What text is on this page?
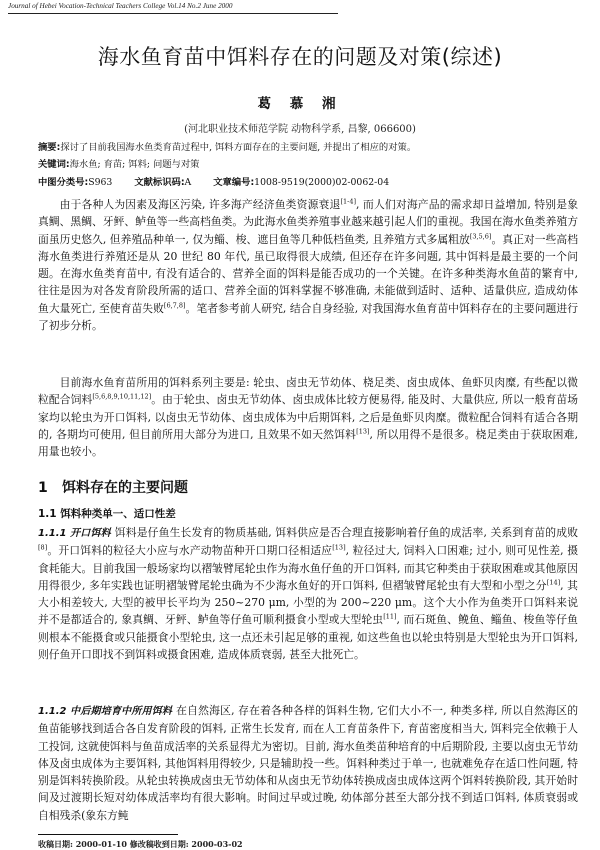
Journal of Hebei Vocation-Technical Teachers College Vol.14 No.2 June 2000
海水鱼育苗中饵料存在的问题及对策(综述)
葛 慕 湘
(河北职业技术师范学院 动物科学系, 昌黎, 066600)
摘要:探讨了目前我国海水鱼类育苗过程中, 饵料方面存在的主要问题, 并提出了相应的对策。
关键词:海水鱼; 育苗; 饵料; 问题与对策
中图分类号:S963 文献标识码:A 文章编号:1008-9519(2000)02-0062-04

由于各种人为因素及海区污染, 许多海产经济鱼类资源衰退[1-4], 而人们对海产品的需求却日益增加, 特别是象真鲷、黑鲷、牙鲆、鲈鱼等一些高档鱼类。为此海水鱼类养殖事业越来越引起人们的重视。我国在海水鱼类养殖方面虽历史悠久, 但养殖品种单一, 仅为鲻、梭、遮目鱼等几种低档鱼类, 且养殖方式多属粗放[3,5,6]。真正对一些高档海水鱼类进行养殖还是从 20 世纪 80 年代, 虽已取得很大成绩, 但还存在许多问题, 其中饵料是最主要的一个问题。在海水鱼类育苗中, 有没有适合的、营养全面的饵料是能否成功的一个关键。在许多种类海水鱼苗的繁育中, 往往是因为对各发育阶段所需的适口、营养全面的饵料掌握不够准确, 未能做到适时、适种、适量供应, 造成幼体鱼大量死亡, 至使育苗失败[6,7,8]。笔者参考前人研究, 结合自身经验, 对我国海水鱼育苗中饵料存在的主要问题进行了初步分析。

目前海水鱼育苗所用的饵料系列主要是: 轮虫、卤虫无节幼体、桡足类、卤虫成体、鱼虾贝肉糜, 有些配以微粒配合饲料[5,6,8,9,10,11,12]。由于轮虫、卤虫无节幼体、卤虫成体比较方便易得, 能及时、大量供应, 所以一般育苗场家均以轮虫为开口饵料, 以卤虫无节幼体、卤虫成体为中后期饵料, 之后是鱼虾贝肉糜。微粒配合饲料有适合各期的, 各期均可使用, 但目前所用大部分为进口, 且效果不如天然饵料[13], 所以用得不是很多。桡足类由于获取困难, 用量也较小。

1 饵料存在的主要问题
1.1 饵料种类单一、适口性差

1.1.1 开口饵料 饵料是仔鱼生长发育的物质基础, 饵料供应是否合理直接影响着仔鱼的成活率, 关系到育苗的成败[8]。开口饵料的粒径大小应与水产动物苗种开口期口径相适应[13], 粒径过大, 饲料入口困难; 过小, 则可见性差, 摄食耗能大。目前我国一般场家均以褶皱臂尾轮虫作为海水鱼仔鱼的开口饵料, 而其它种类由于获取困难或其他原因用得很少, 多年实践也证明褶皱臂尾轮虫确为不少海水鱼好的开口饵料, 但褶皱臂尾轮虫有大型和小型之分[14], 其大小相差较大, 大型的被甲长平均为 250~270 μm, 小型的为 200~220 μm。这个大小作为鱼类开口饵料来说并不是都适合的, 象真鲷、牙鲆、鲈鱼等仔鱼可顺利摄食小型或大型轮虫[11], 而石斑鱼、𩾃鱼、鲻鱼、梭鱼等仔鱼则根本不能摄食或只能摄食小型轮虫, 这一点还未引起足够的重视, 如这些鱼也以轮虫特别是大型轮虫为开口饵料, 则仔鱼开口即找不到饵料或摄食困难, 造成体质衰弱, 甚至大批死亡。

1.1.2 中后期培育中所用饵料 在自然海区, 存在着各种各样的饵料生物, 它们大小不一, 种类多样, 所以自然海区的鱼苗能够找到适合各自发育阶段的饵料, 正常生长发育, 而在人工育苗条件下, 育苗密度相当大, 饵料完全依赖于人工投饲, 这就使饵料与鱼苗成活率的关系显得尤为密切。目前, 海水鱼类苗种培育的中后期阶段, 主要以卤虫无节幼体及卤虫成体为主要饵料, 其他饵料用得较少, 只是辅助投一些。饵料种类过于单一, 也就难免存在适口性问题, 特别是饵料转换阶段。从轮虫转换成卤虫无节幼体和从卤虫无节幼体转换成卤虫成体这两个饵料转换阶段, 其开始时间及过渡期长短对幼体成活率均有很大影响。时间过早或过晚, 幼体部分甚至大部分找不到适口饵料, 体质衰弱或自相残杀(象东方鲀

收稿日期: 2000-01-10 修改稿收到日期: 2000-03-02
